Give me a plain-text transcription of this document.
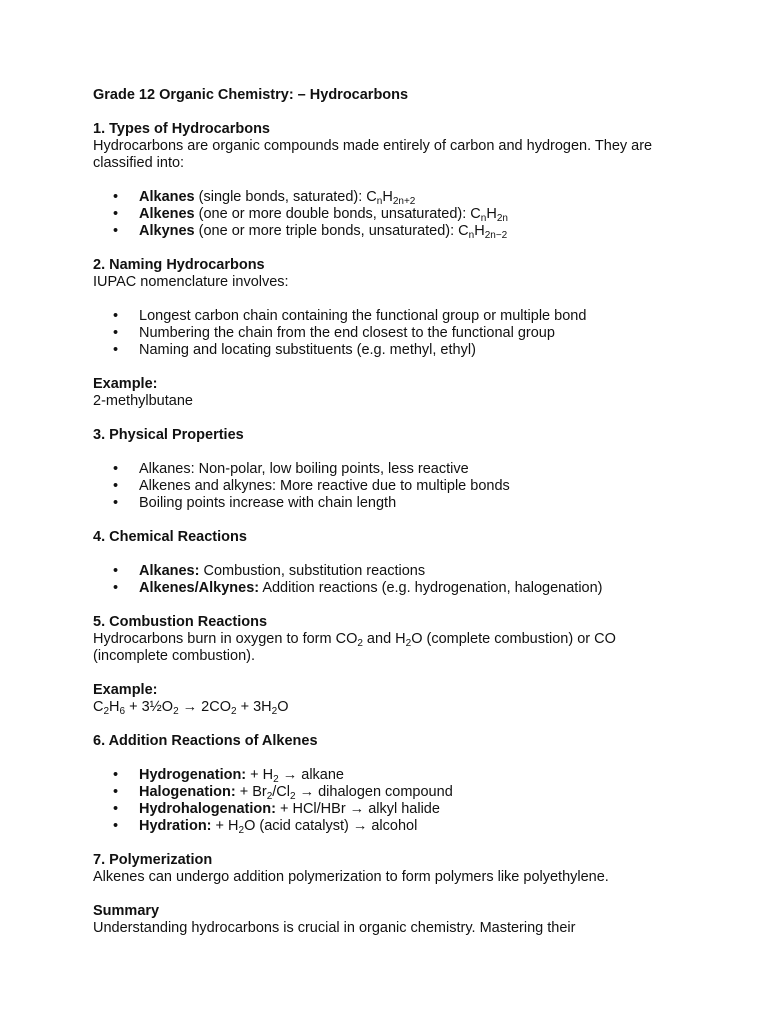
Grade 12 Organic Chemistry: – Hydrocarbons

1. Types of Hydrocarbons

Hydrocarbons are organic compounds made entirely of carbon and hydrogen. They are classified into:

• Alkanes (single bonds, saturated): $C_nH_{2n+2}$
• Alkenes (one or more double bonds, unsaturated): $C_nH_{2n}$
• Alkynes (one or more triple bonds, unsaturated): $C_nH_{2n-2}$

2. Naming Hydrocarbons

IUPAC nomenclature involves:

• Longest carbon chain containing the functional group or multiple bond
• Numbering the chain from the end closest to the functional group
• Naming and locating substituents (e.g. methyl, ethyl)

Example:

2-methylbutane

3. Physical Properties

• Alkanes: Non-polar, low boiling points, less reactive
• Alkenes and alkynes: More reactive due to multiple bonds
• Boiling points increase with chain length

4. Chemical Reactions

• Alkanes: Combustion, substitution reactions
• Alkenes/Alkynes: Addition reactions (e.g. hydrogenation, halogenation)

5. Combustion Reactions

Hydrocarbons burn in oxygen to form $CO_2$ and $H_2O$ (complete combustion) or CO (incomplete combustion).

Example:

$C_2H_6$ + $3\frac{1}{2}O_2 \to 2CO_2 + 3H_2O$

6. Addition Reactions of Alkenes

• Hydrogenation: + $H_2$ → alkane
• Halogenation: + $Br_2/Cl_2$ → dihalogen compound
• Hydrohalogenation: + HCl/HBr → alkyl halide
• Hydration: + $H_2O$ (acid catalyst) → alcohol

7. Polymerization

Alkenes can undergo addition polymerization to form polymers like polyethylene.

Summary

Understanding hydrocarbons is crucial in organic chemistry. Mastering their
